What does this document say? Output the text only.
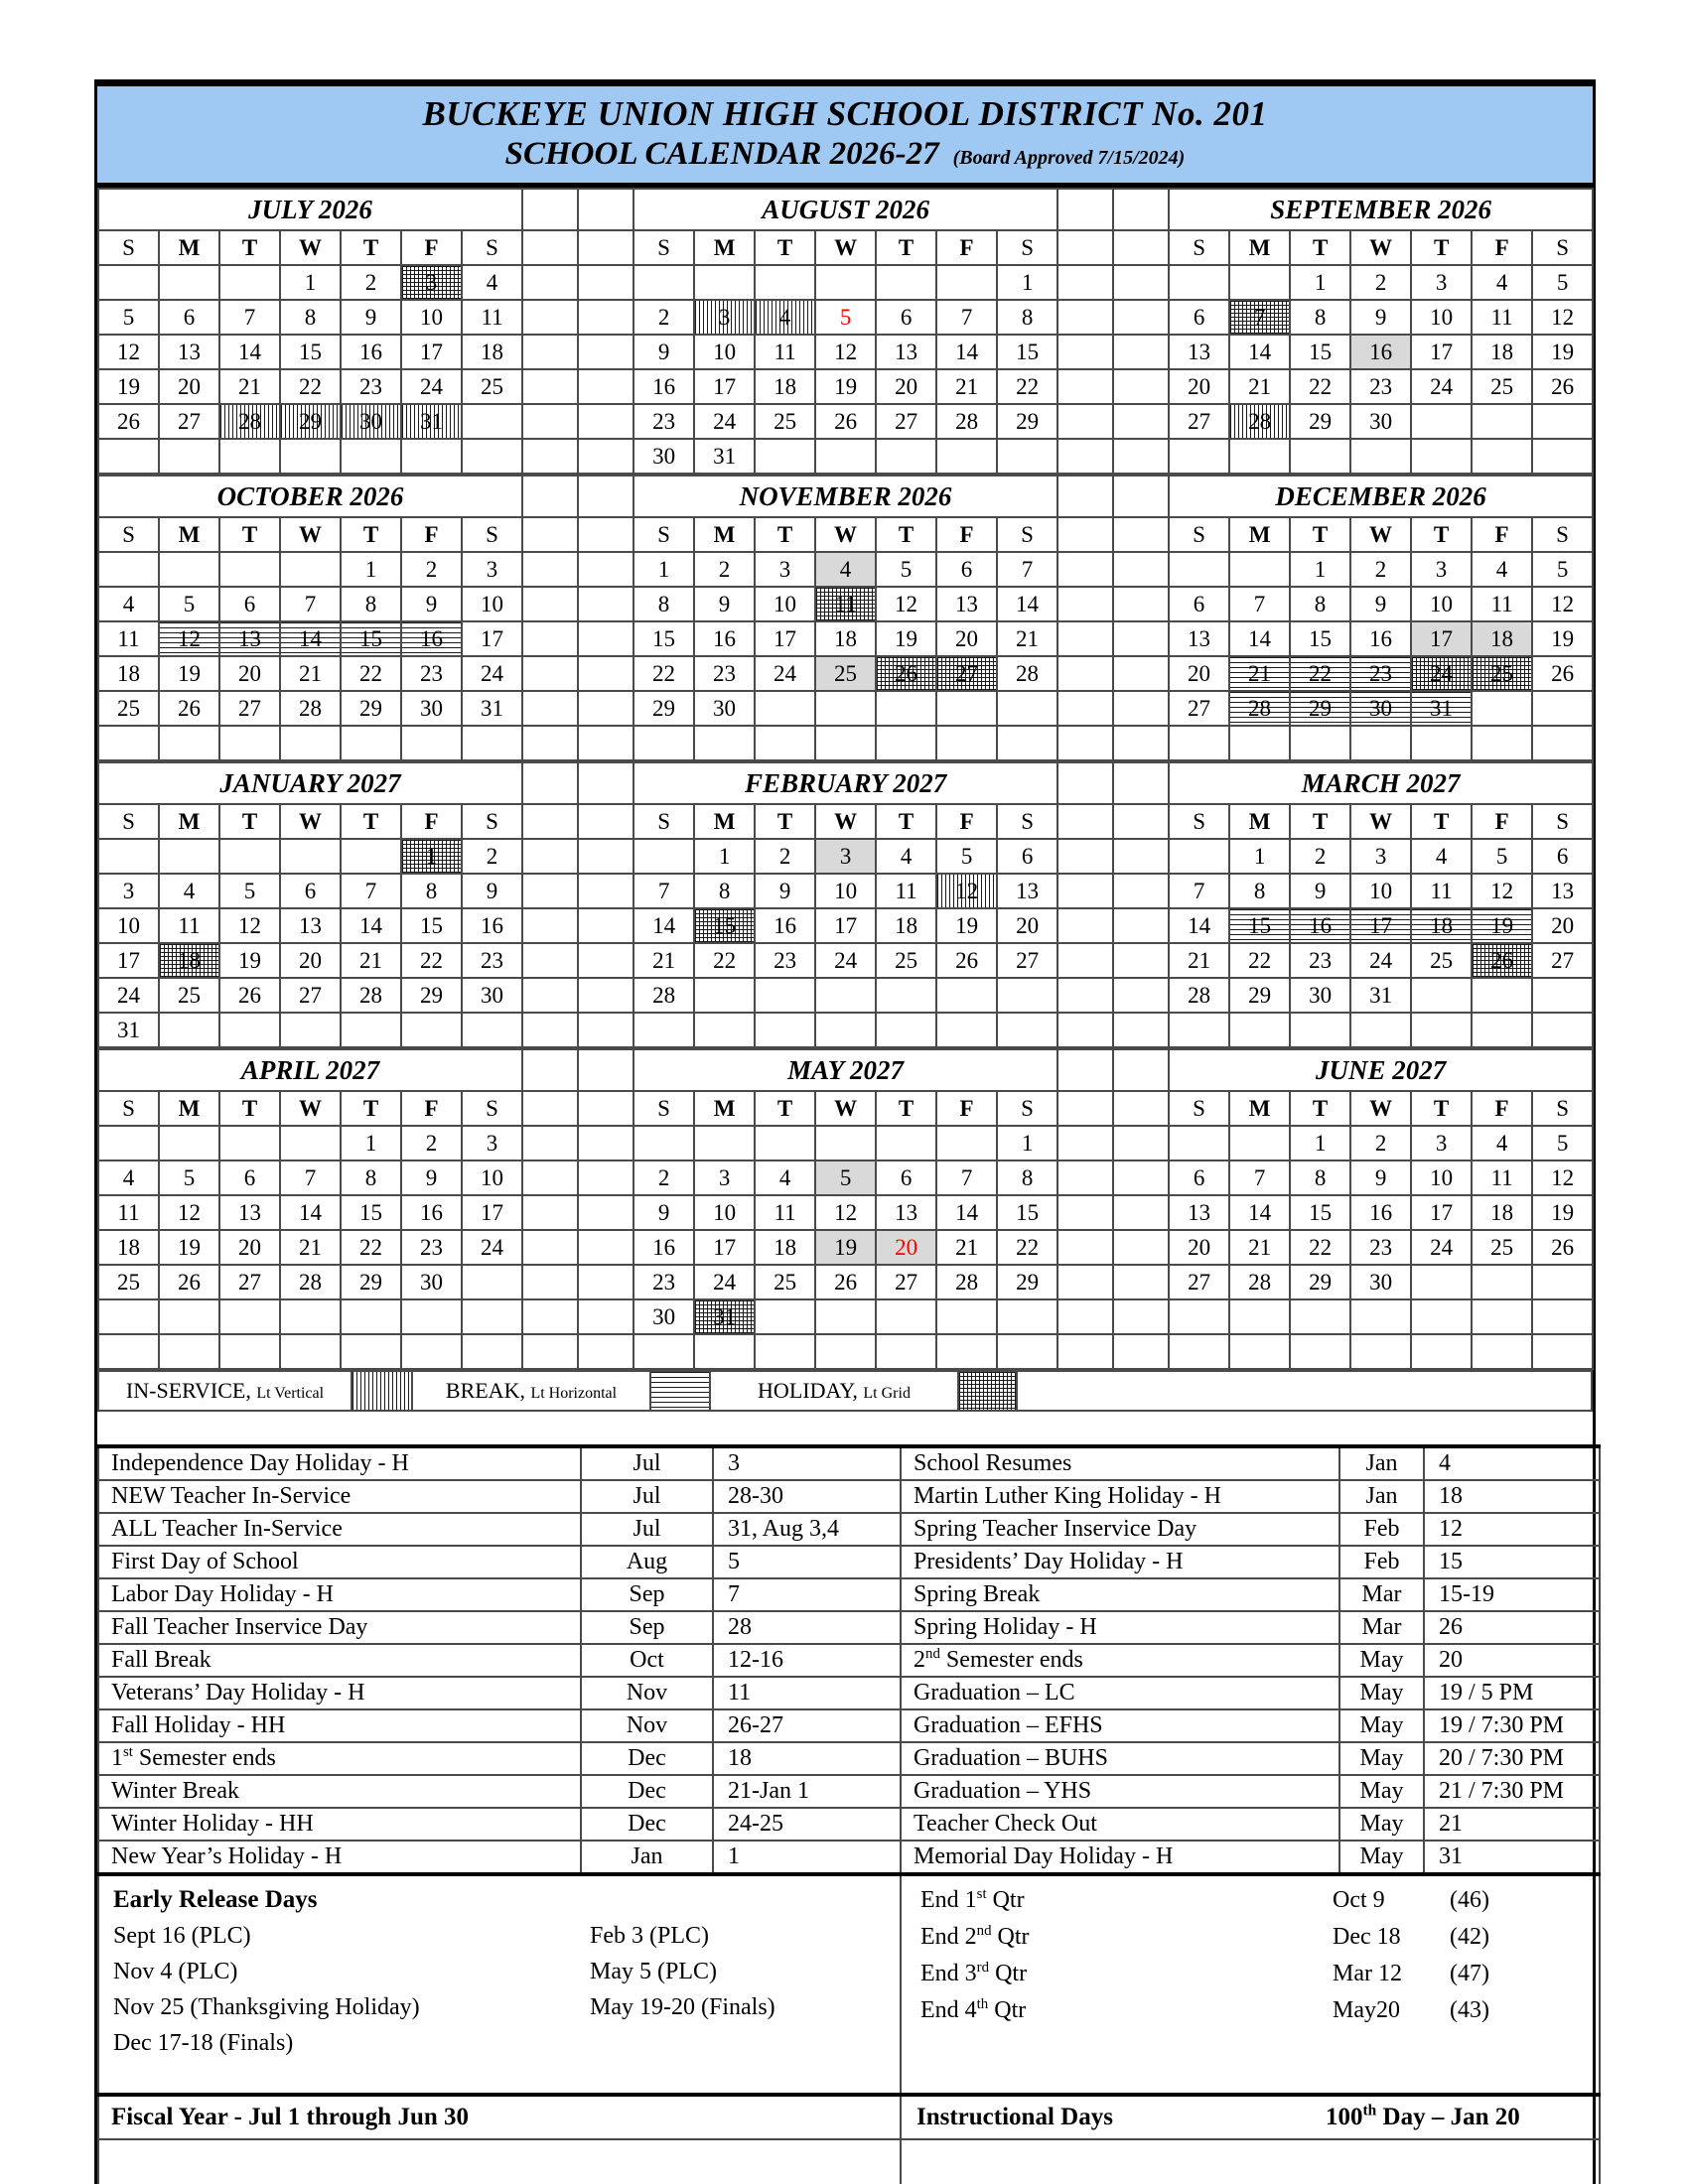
BUCKEYE UNION HIGH SCHOOL DISTRICT No. 201
SCHOOL CALENDAR 2026-27 (Board Approved 7/15/2024)
JULY 2026									AUGUST 2026									SEPTEMBER 2026						
S	M	T	W	T	F	S			S	M	T	W	T	F	S			S	M	T	W	T	F	S
			1	2	3	4									1					1	2	3	4	5
5	6	7	8	9	10	11			2	3	4	5	6	7	8			6	7	8	9	10	11	12
12	13	14	15	16	17	18			9	10	11	12	13	14	15			13	14	15	16	17	18	19
19	20	21	22	23	24	25			16	17	18	19	20	21	22			20	21	22	23	24	25	26
26	27	28	29	30	31				23	24	25	26	27	28	29			27	28	29	30			
									30	31														
OCTOBER 2026									NOVEMBER 2026									DECEMBER 2026						
S	M	T	W	T	F	S			S	M	T	W	T	F	S			S	M	T	W	T	F	S
				1	2	3			1	2	3	4	5	6	7					1	2	3	4	5
4	5	6	7	8	9	10			8	9	10	11	12	13	14			6	7	8	9	10	11	12
11	12	13	14	15	16	17			15	16	17	18	19	20	21			13	14	15	16	17	18	19
18	19	20	21	22	23	24			22	23	24	25	26	27	28			20	21	22	23	24	25	26
25	26	27	28	29	30	31			29	30								27	28	29	30	31		

JANUARY 2027									FEBRUARY 2027									MARCH 2027						
S	M	T	W	T	F	S			S	M	T	W	T	F	S			S	M	T	W	T	F	S
					1	2				1	2	3	4	5	6				1	2	3	4	5	6
3	4	5	6	7	8	9			7	8	9	10	11	12	13			7	8	9	10	11	12	13
10	11	12	13	14	15	16			14	15	16	17	18	19	20			14	15	16	17	18	19	20
17	18	19	20	21	22	23			21	22	23	24	25	26	27			21	22	23	24	25	26	27
24	25	26	27	28	29	30			28									28	29	30	31			
31																								
APRIL 2027									MAY 2027									JUNE 2027						
S	M	T	W	T	F	S			S	M	T	W	T	F	S			S	M	T	W	T	F	S
				1	2	3									1					1	2	3	4	5
4	5	6	7	8	9	10			2	3	4	5	6	7	8			6	7	8	9	10	11	12
11	12	13	14	15	16	17			9	10	11	12	13	14	15			13	14	15	16	17	18	19
18	19	20	21	22	23	24			16	17	18	19	20	21	22			20	21	22	23	24	25	26
25	26	27	28	29	30				23	24	25	26	27	28	29			27	28	29	30			
									30	31														

IN-SERVICE, Lt Vertical		BREAK, Lt Horizontal		HOLIDAY, Lt Grid		
Independence Day Holiday - H	Jul	3	School Resumes	Jan	4
NEW Teacher In-Service	Jul	28-30	Martin Luther King Holiday - H	Jan	18
ALL Teacher In-Service	Jul	31, Aug 3,4	Spring Teacher Inservice Day	Feb	12
First Day of School	Aug	5	Presidents’ Day Holiday - H	Feb	15
Labor Day Holiday - H	Sep	7	Spring Break	Mar	15-19
Fall Teacher Inservice Day	Sep	28	Spring Holiday - H	Mar	26
Fall Break	Oct	12-16	2nd Semester ends	May	20
Veterans’ Day Holiday - H	Nov	11	Graduation – LC	May	19 / 5 PM
Fall Holiday - HH	Nov	26-27	Graduation – EFHS	May	19 / 7:30 PM
1st Semester ends	Dec	18	Graduation – BUHS	May	20 / 7:30 PM
Winter Break	Dec	21-Jan 1	Graduation – YHS	May	21 / 7:30 PM
Winter Holiday - HH	Dec	24-25	Teacher Check Out	May	21
New Year’s Holiday - H	Jan	1	Memorial Day Holiday - H	May	31

Early Release Days
Sept 16 (PLC)
Nov 4 (PLC)
Nov 25 (Thanksgiving Holiday)
Dec 17-18 (Finals)
Feb 3 (PLC)
May 5 (PLC)
May 19-20 (Finals)

End 1st Qtr	Oct 9	(46)
End 2nd Qtr	Dec 18	(42)
End 3rd Qtr	Mar 12	(47)
End 4th Qtr	May20	(43)

Fiscal Year - Jul 1 through Jun 30			Instructional Days 100th Day – Jan 20		
